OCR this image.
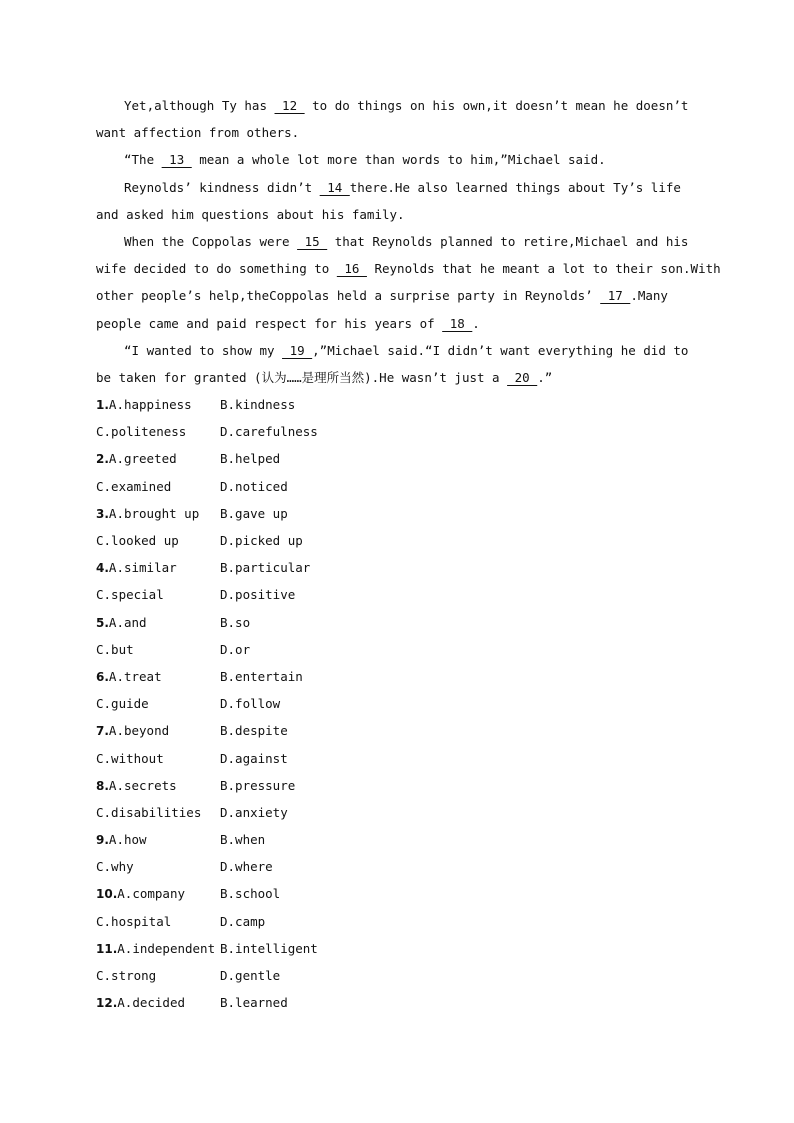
Yet,although Ty has  12  to do things on his own,it doesn’t mean he doesn’t
want affection from others.
“The  13  mean a whole lot more than words to him,”Michael said.
Reynolds’ kindness didn’t  14 there.He also learned things about Ty’s life
and asked him questions about his family.
When the Coppolas were  15  that Reynolds planned to retire,Michael and his
wife decided to do something to  16  Reynolds that he meant a lot to their son.With
other people’s help,theCoppolas held a surprise party in Reynolds’  17 .Many
people came and paid respect for his years of  18 .
“I wanted to show my  19 ,”Michael said.“I didn’t want everything he did to
be taken for granted (认为……是理所当然).He wasn’t just a  20 .”
1.A.happiness B.kindness
C.politeness	D.carefulness
2.A.greeted	B.helped
C.examined	D.noticed
3.A.brought up B.gave up
C.looked up	D.picked up
4.A.similar	B.particular
C.special	D.positive
5.A.and	B.so
C.but	D.or
6.A.treat	B.entertain
C.guide	D.follow
7.A.beyond	B.despite
C.without	D.against
8.A.secrets	B.pressure
C.disabilities D.anxiety
9.A.how	B.when
C.why	D.where
10.A.company	B.school
C.hospital	D.camp
11.A.independent B.intelligent
C.strong	D.gentle
12.A.decided	B.learned
